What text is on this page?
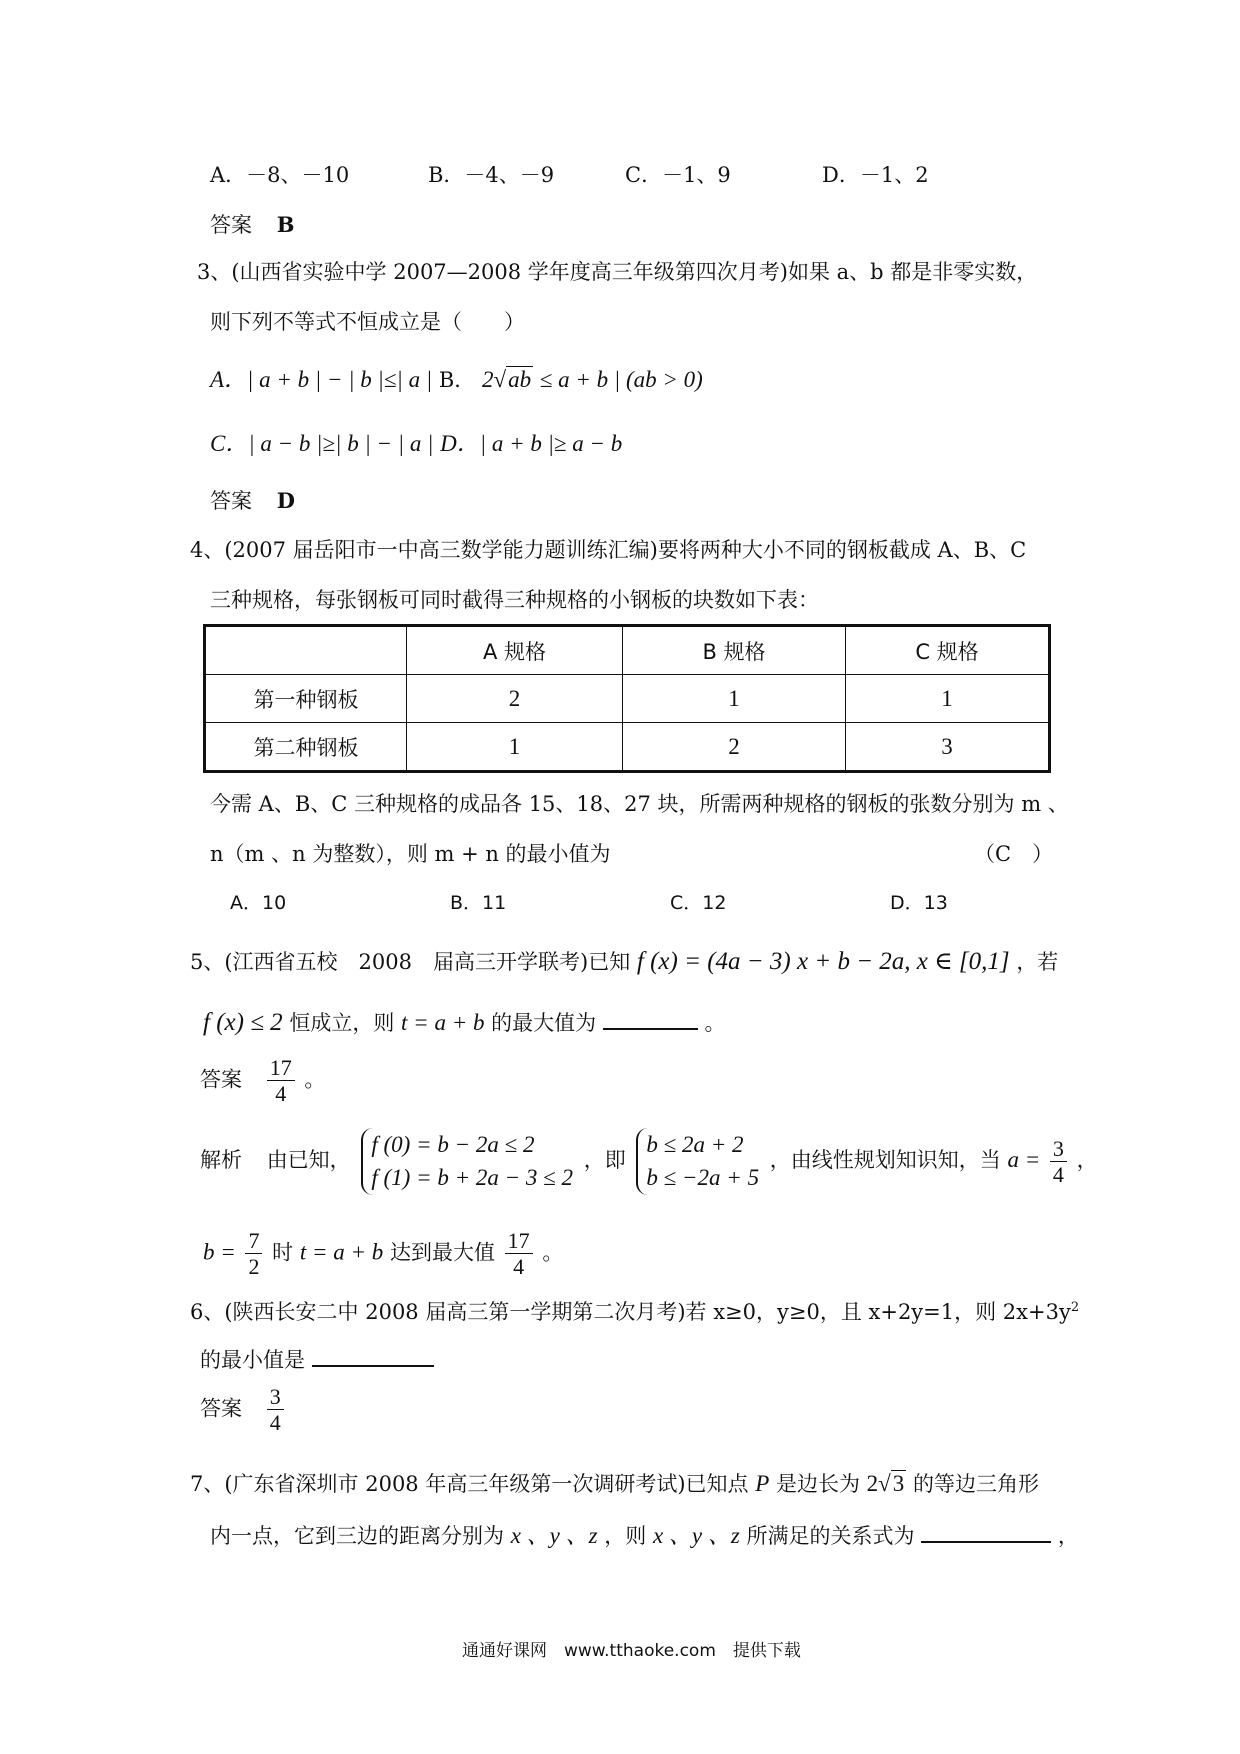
A．－8、－10	B．－4、－9	C．－1、9	D．－1、2
答案 B
3、(山西省实验中学 2007—2008 学年度高三年级第四次月考)如果 a、b 都是非零实数，
则下列不等式不恒成立是（　　）
A．| a + b | − | b |≤| a | B． 2√ab ≤ a + b | (ab > 0)
C．| a − b |≥| b | − | a | D．| a + b |≥ a − b
答案 D
4、(2007 届岳阳市一中高三数学能力题训练汇编)要将两种大小不同的钢板截成 A、B、C
三种规格，每张钢板可同时截得三种规格的小钢板的块数如下表：
	A 规格	B 规格	C 规格
第一种钢板	2	1	1
第二种钢板	1	2	3
今需 A、B、C 三种规格的成品各 15、18、27 块，所需两种规格的钢板的张数分别为 m 、
n（m 、n 为整数），则 m + n 的最小值为	（C　）
A．10	B．11	C．12	D．13
5、(江西省五校　2008　届高三开学联考)已知 f (x) = (4a − 3) x + b − 2a, x ∈ [0,1] ，若
f (x) ≤ 2 恒成立，则 t = a + b 的最大值为	。
答案 $\frac{17}{4}$ 。
解析 由已知，
f (0) = b − 2a ≤ 2
f (1) = b + 2a − 3 ≤ 2
，即
b ≤ 2a + 2
b ≤ −2a + 5
，由线性规划知识知，当 $a = \frac{3}{4}$ ，
$b = \frac{7}{2}$ 时 t = a + b 达到最大值 $\frac{17}{4}$ 。
6、(陕西长安二中 2008 届高三第一学期第二次月考)若 x≥0，y≥0，且 x+2y=1，则 $2x+3y^2$
的最小值是
答案 $\frac{3}{4}$
7、(广东省深圳市 2008 年高三年级第一次调研考试)已知点 P 是边长为 2√3 的等边三角形
内一点，它到三边的距离分别为 x 、y 、z ，则 x 、y 、z 所满足的关系式为	，
通通好课网　www.tthaoke.com　提供下载
